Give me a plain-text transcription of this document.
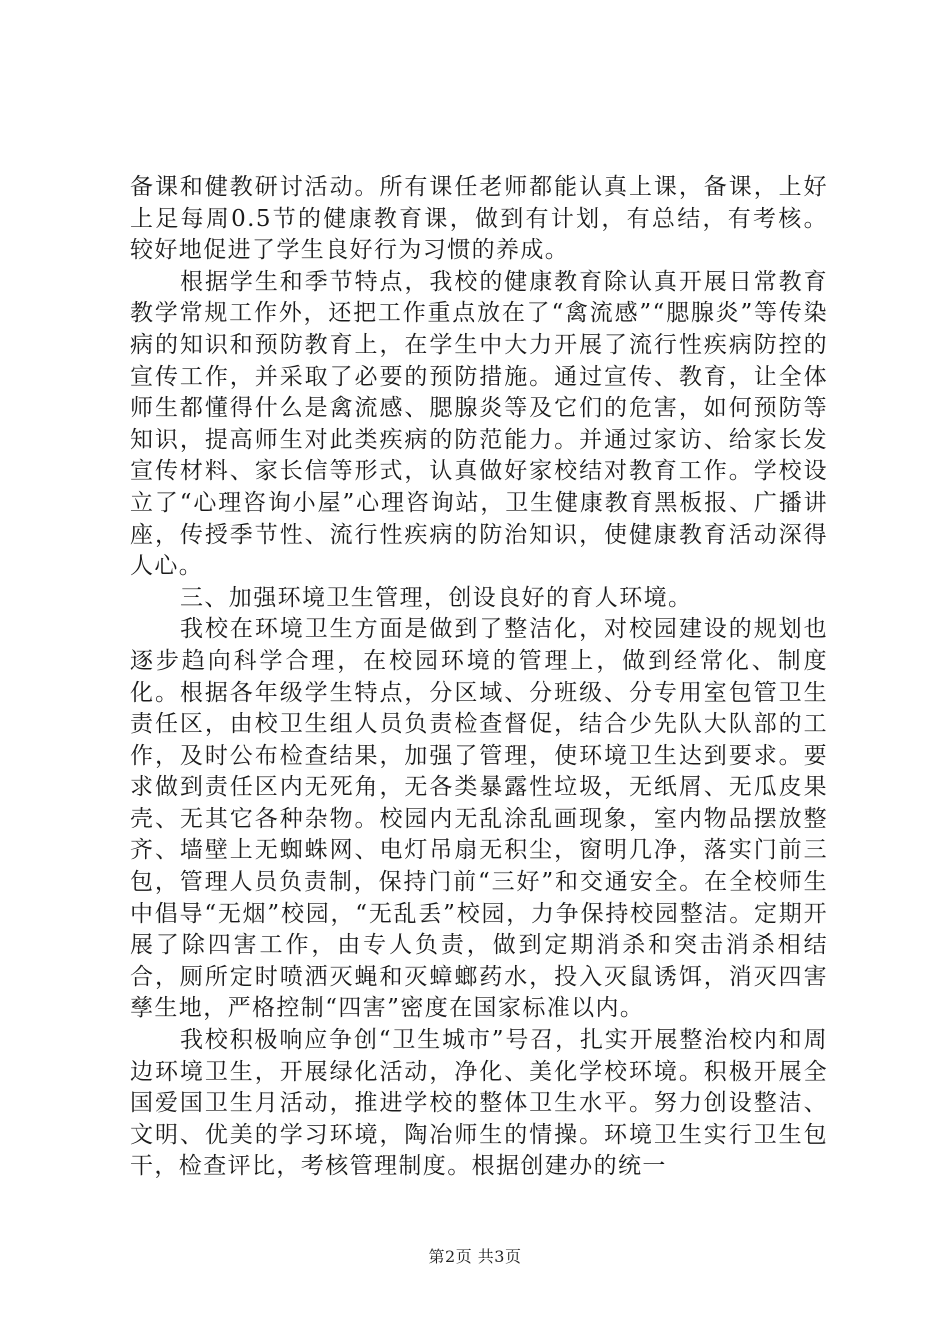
备课和健教研讨活动。所有课任老师都能认真上课，备课，上好上足每周0.5节的健康教育课，做到有计划，有总结，有考核。较好地促进了学生良好行为习惯的养成。

根据学生和季节特点，我校的健康教育除认真开展日常教育教学常规工作外，还把工作重点放在了“禽流感”“腮腺炎”等传染病的知识和预防教育上，在学生中大力开展了流行性疾病防控的宣传工作，并采取了必要的预防措施。通过宣传、教育，让全体师生都懂得什么是禽流感、腮腺炎等及它们的危害，如何预防等知识，提高师生对此类疾病的防范能力。并通过家访、给家长发宣传材料、家长信等形式，认真做好家校结对教育工作。学校设立了“心理咨询小屋”心理咨询站，卫生健康教育黑板报、广播讲座，传授季节性、流行性疾病的防治知识，使健康教育活动深得人心。

三、加强环境卫生管理，创设良好的育人环境。

我校在环境卫生方面是做到了整洁化，对校园建设的规划也逐步趋向科学合理，在校园环境的管理上，做到经常化、制度化。根据各年级学生特点，分区域、分班级、分专用室包管卫生责任区，由校卫生组人员负责检查督促，结合少先队大队部的工作，及时公布检查结果，加强了管理，使环境卫生达到要求。要求做到责任区内无死角，无各类暴露性垃圾，无纸屑、无瓜皮果壳、无其它各种杂物。校园内无乱涂乱画现象，室内物品摆放整齐、墙壁上无蜘蛛网、电灯吊扇无积尘，窗明几净，落实门前三包，管理人员负责制，保持门前“三好”和交通安全。在全校师生中倡导“无烟”校园，“无乱丢”校园，力争保持校园整洁。定期开展了除四害工作，由专人负责，做到定期消杀和突击消杀相结合，厕所定时喷洒灭蝇和灭蟑螂药水，投入灭鼠诱饵，消灭四害孳生地，严格控制“四害”密度在国家标准以内。

我校积极响应争创“卫生城市”号召，扎实开展整治校内和周边环境卫生，开展绿化活动，净化、美化学校环境。积极开展全国爱国卫生月活动，推进学校的整体卫生水平。努力创设整洁、文明、优美的学习环境，陶冶师生的情操。环境卫生实行卫生包干，检查评比，考核管理制度。根据创建办的统一

第2页 共3页
